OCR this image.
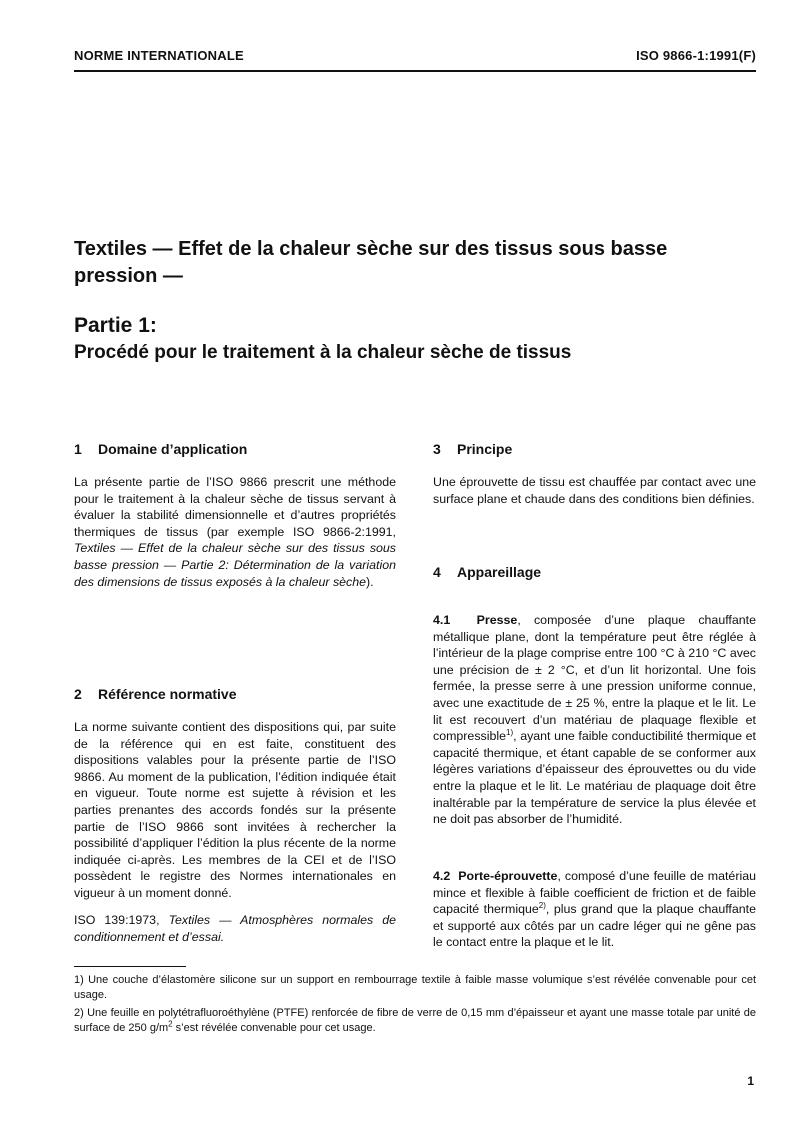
NORME INTERNATIONALE	ISO 9866-1:1991(F)
Textiles — Effet de la chaleur sèche sur des tissus sous basse pression —
Partie 1:
Procédé pour le traitement à la chaleur sèche de tissus
1 Domaine d’application

La présente partie de l’ISO 9866 prescrit une méthode pour le traitement à la chaleur sèche de tissus servant à évaluer la stabilité dimensionnelle et d’autres propriétés thermiques de tissus (par exemple ISO 9866-2:1991, Textiles — Effet de la chaleur sèche sur des tissus sous basse pression — Partie 2: Détermination de la variation des dimensions de tissus exposés à la chaleur sèche).

2 Référence normative

La norme suivante contient des dispositions qui, par suite de la référence qui en est faite, constituent des dispositions valables pour la présente partie de l’ISO 9866. Au moment de la publication, l’édition indiquée était en vigueur. Toute norme est sujette à révision et les parties prenantes des accords fondés sur la présente partie de l’ISO 9866 sont invitées à rechercher la possibilité d’appliquer l’édition la plus récente de la norme indiquée ci-après. Les membres de la CEI et de l’ISO possèdent le registre des Normes internationales en vigueur à un moment donné.

ISO 139:1973, Textiles — Atmosphères normales de conditionnement et d’essai.

3 Principe

Une éprouvette de tissu est chauffée par contact avec une surface plane et chaude dans des conditions bien définies.

4 Appareillage

4.1 Presse, composée d’une plaque chauffante métallique plane, dont la température peut être réglée à l’intérieur de la plage comprise entre 100 °C à 210 °C avec une précision de ± 2 °C, et d’un lit horizontal. Une fois fermée, la presse serre à une pression uniforme connue, avec une exactitude de ± 25 %, entre la plaque et le lit. Le lit est recouvert d’un matériau de plaquage flexible et compressible$^{1)}$, ayant une faible conductibilité thermique et capacité thermique, et étant capable de se conformer aux légères variations d’épaisseur des éprouvettes ou du vide entre la plaque et le lit. Le matériau de plaquage doit être inaltérable par la température de service la plus élevée et ne doit pas absorber de l’humidité.

4.2 Porte-éprouvette, composé d’une feuille de matériau mince et flexible à faible coefficient de friction et de faible capacité thermique$^{2)}$, plus grand que la plaque chauffante et supporté aux côtés par un cadre léger qui ne gêne pas le contact entre la plaque et le lit.

1) Une couche d’élastomère silicone sur un support en rembourrage textile à faible masse volumique s’est révélée convenable pour cet usage.

2) Une feuille en polytétrafluoroéthylène (PTFE) renforcée de fibre de verre de 0,15 mm d’épaisseur et ayant une masse totale par unité de surface de 250 $g/m^2$ s’est révélée convenable pour cet usage.

1
